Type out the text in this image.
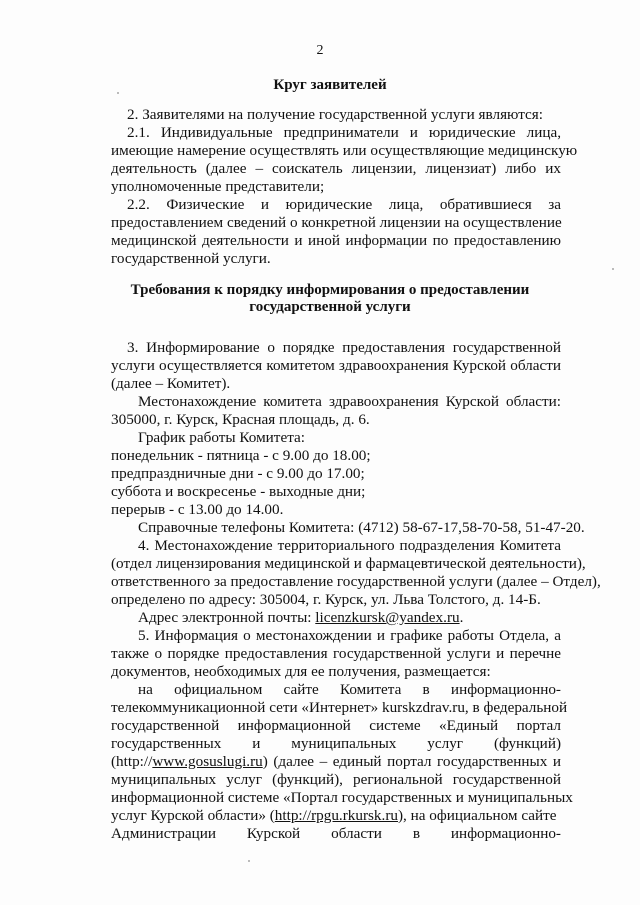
2
Круг заявителей
2. Заявителями на получение государственной услуги являются:
2.1. Индивидуальные предприниматели и юридические лица,
имеющие намерение осуществлять или осуществляющие медицинскую
деятельность (далее – соискатель лицензии, лицензиат) либо их
уполномоченные представители;
2.2. Физические и юридические лица, обратившиеся за
предоставлением сведений о конкретной лицензии на осуществление
медицинской деятельности и иной информации по предоставлению
государственной услуги.
Требования к порядку информирования о предоставлении
государственной услуги
3. Информирование о порядке предоставления государственной
услуги осуществляется комитетом здравоохранения Курской области
(далее – Комитет).
Местонахождение комитета здравоохранения Курской области:
305000, г. Курск, Красная площадь, д. 6.
График работы Комитета:
понедельник - пятница - с 9.00 до 18.00;
предпраздничные дни - с 9.00 до 17.00;
суббота и воскресенье - выходные дни;
перерыв - с 13.00 до 14.00.
Справочные телефоны Комитета: (4712) 58-67-17,58-70-58, 51-47-20.
4. Местонахождение территориального подразделения Комитета
(отдел лицензирования медицинской и фармацевтической деятельности),
ответственного за предоставление государственной услуги (далее – Отдел),
определено по адресу: 305004, г. Курск, ул. Льва Толстого, д. 14-Б.
Адрес электронной почты: licenzkursk@yandex.ru.
5. Информация о местонахождении и графике работы Отдела, а
также о порядке предоставления государственной услуги и перечне
документов, необходимых для ее получения, размещается:
на официальном сайте Комитета в информационно-
телекоммуникационной сети «Интернет» kurskzdrav.ru, в федеральной
государственной информационной системе «Единый портал
государственных и муниципальных услуг (функций)
(http://www.gosuslugi.ru) (далее – единый портал государственных и
муниципальных услуг (функций), региональной государственной
информационной системе «Портал государственных и муниципальных
услуг Курской области» (http://rpgu.rkursk.ru), на официальном сайте
Администрации Курской области в информационно-
